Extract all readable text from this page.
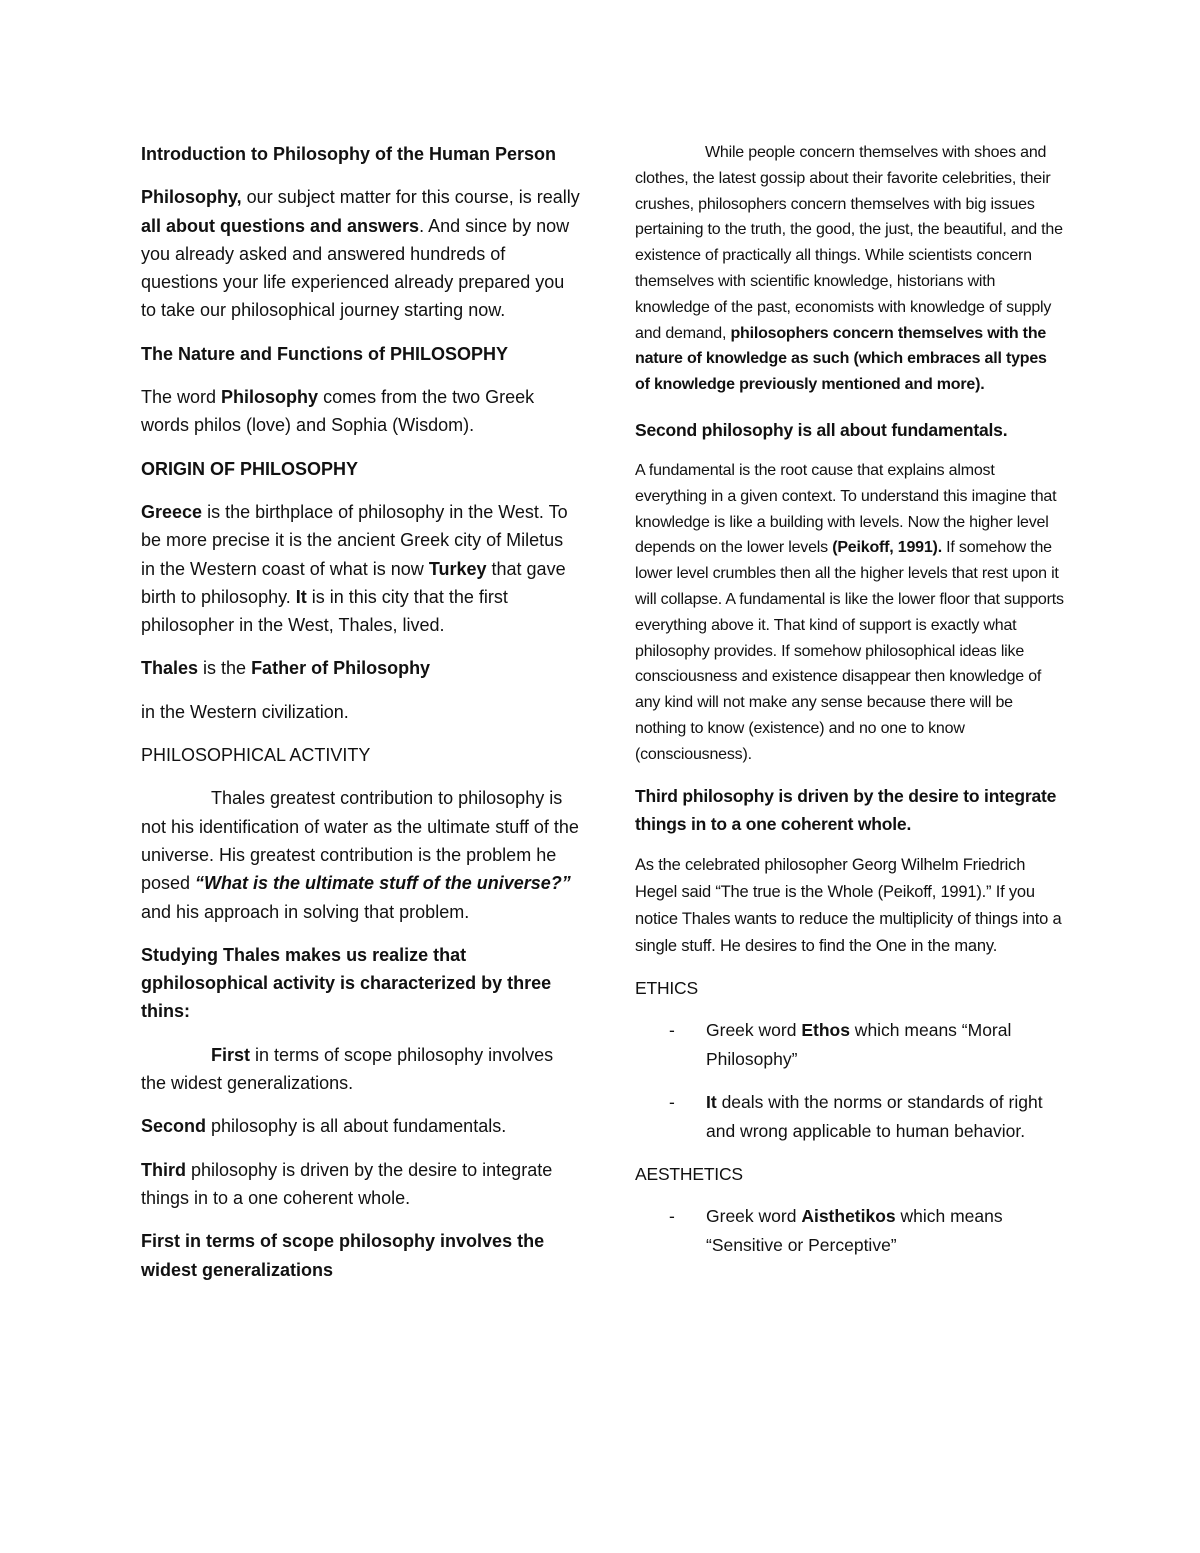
Introduction to Philosophy of the Human Person

Philosophy, our subject matter for this course, is really all about questions and answers. And since by now you already asked and answered hundreds of questions your life experienced already prepared you to take our philosophical journey starting now.

The Nature and Functions of PHILOSOPHY

The word Philosophy comes from the two Greek words philos (love) and Sophia (Wisdom).

ORIGIN OF PHILOSOPHY

Greece is the birthplace of philosophy in the West. To be more precise it is the ancient Greek city of Miletus in the Western coast of what is now Turkey that gave birth to philosophy. It is in this city that the first philosopher in the West, Thales, lived.

Thales is the Father of Philosophy

in the Western civilization.

PHILOSOPHICAL ACTIVITY

Thales greatest contribution to philosophy is not his identification of water as the ultimate stuff of the universe. His greatest contribution is the problem he posed “What is the ultimate stuff of the universe?” and his approach in solving that problem.

Studying Thales makes us realize that gphilosophical activity is characterized by three thins:

First in terms of scope philosophy involves the widest generalizations.

Second philosophy is all about fundamentals.

Third philosophy is driven by the desire to integrate things in to a one coherent whole.

First in terms of scope philosophy involves the widest generalizations

While people concern themselves with shoes and clothes, the latest gossip about their favorite celebrities, their crushes, philosophers concern themselves with big issues pertaining to the truth, the good, the just, the beautiful, and the existence of practically all things. While scientists concern themselves with scientific knowledge, historians with knowledge of the past, economists with knowledge of supply and demand, philosophers concern themselves with the nature of knowledge as such (which embraces all types of knowledge previously mentioned and more).

Second philosophy is all about fundamentals.

A fundamental is the root cause that explains almost everything in a given context. To understand this imagine that knowledge is like a building with levels. Now the higher level depends on the lower levels (Peikoff, 1991). If somehow the lower level crumbles then all the higher levels that rest upon it will collapse. A fundamental is like the lower floor that supports everything above it. That kind of support is exactly what philosophy provides. If somehow philosophical ideas like consciousness and existence disappear then knowledge of any kind will not make any sense because there will be nothing to know (existence) and no one to know (consciousness).

Third philosophy is driven by the desire to integrate things in to a one coherent whole.

As the celebrated philosopher Georg Wilhelm Friedrich Hegel said “The true is the Whole (Peikoff, 1991).” If you notice Thales wants to reduce the multiplicity of things into a single stuff. He desires to find the One in the many.

ETHICS
- Greek word Ethos which means “Moral Philosophy”
- It deals with the norms or standards of right and wrong applicable to human behavior.
AESTHETICS
- Greek word Aisthetikos which means “Sensitive or Perceptive”
